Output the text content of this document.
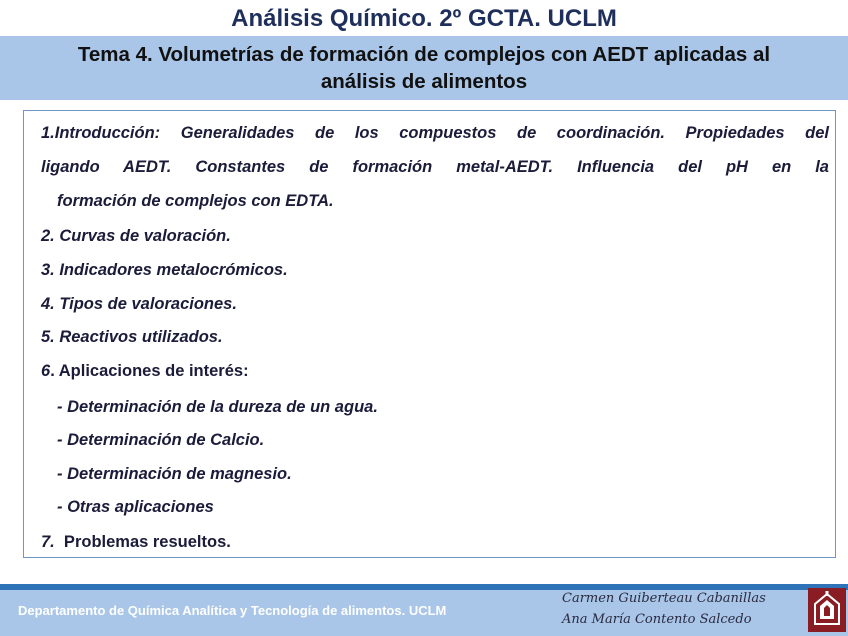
Análisis Químico. 2º GCTA. UCLM
Tema 4. Volumetrías de formación de complejos con AEDT aplicadas al
análisis de alimentos
1.Introducción: Generalidades de los compuestos de coordinación. Propiedades del
ligando AEDT. Constantes de formación metal-AEDT. Influencia del pH en la
formación de complejos con EDTA.
2. Curvas de valoración.
3. Indicadores metalocrómicos.
4. Tipos de valoraciones.
5. Reactivos utilizados.
6. Aplicaciones de interés:
- Determinación de la dureza de un agua.
- Determinación de Calcio.
- Determinación de magnesio.
- Otras aplicaciones
7.  Problemas resueltos.
Departamento de Química Analítica y Tecnología de alimentos. UCLM
Carmen Guiberteau Cabanillas
Ana María Contento Salcedo
